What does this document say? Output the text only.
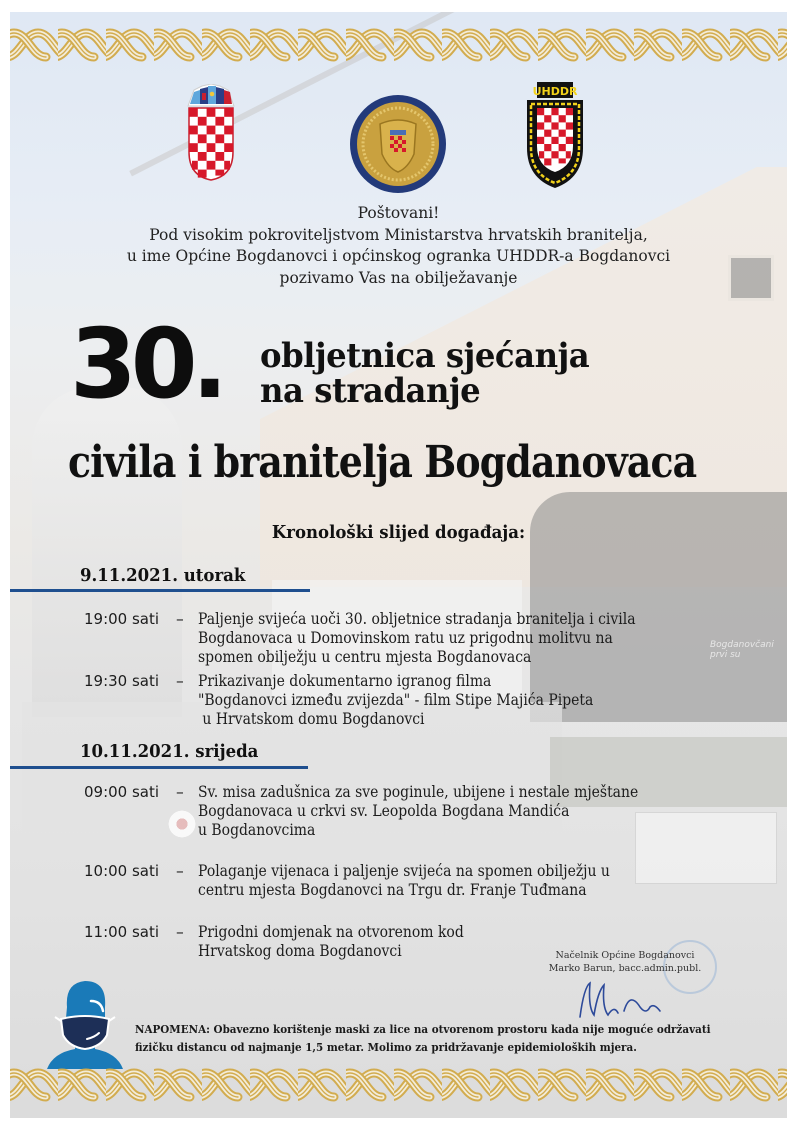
Bogdanovčani prvi su
UHDDR
Poštovani!
Pod visokim pokroviteljstvom Ministarstva hrvatskih branitelja,
u ime Općine Bogdanovci i općinskog ogranka UHDDR-a Bogdanovci
pozivamo Vas na obilježavanje
30. obljetnica sjećanja
na stradanje
civila i branitelja Bogdanovaca
Kronološki slijed događaja:
9.11.2021. utorak
19:00 sati	– Paljenje svijeća uoči 30. obljetnice stradanja branitelja i civila
Bogdanovaca u Domovinskom ratu uz prigodnu molitvu na
spomen obilježju u centru mjesta Bogdanovaca
19:30 sati	– Prikazivanje dokumentarno igranog filma
"Bogdanovci između zvijezda" - film Stipe Majića Pipeta
u Hrvatskom domu Bogdanovci
10.11.2021. srijeda
09:00 sati	– Sv. misa zadušnica za sve poginule, ubijene i nestale mještane
Bogdanovaca u crkvi sv. Leopolda Bogdana Mandića
u Bogdanovcima
10:00 sati	– Polaganje vijenaca i paljenje svijeća na spomen obilježju u
centru mjesta Bogdanovci na Trgu dr. Franje Tuđmana
11:00 sati	– Prigodni domjenak na otvorenom kod
Hrvatskog doma Bogdanovci	Načelnik Općine Bogdanovci
Marko Barun, bacc.admin.publ.
NAPOMENA: Obavezno korištenje maski za lice na otvorenom prostoru kada nije moguće održavati
fizičku distancu od najmanje 1,5 metar. Molimo za pridržavanje epidemioloških mjera.
